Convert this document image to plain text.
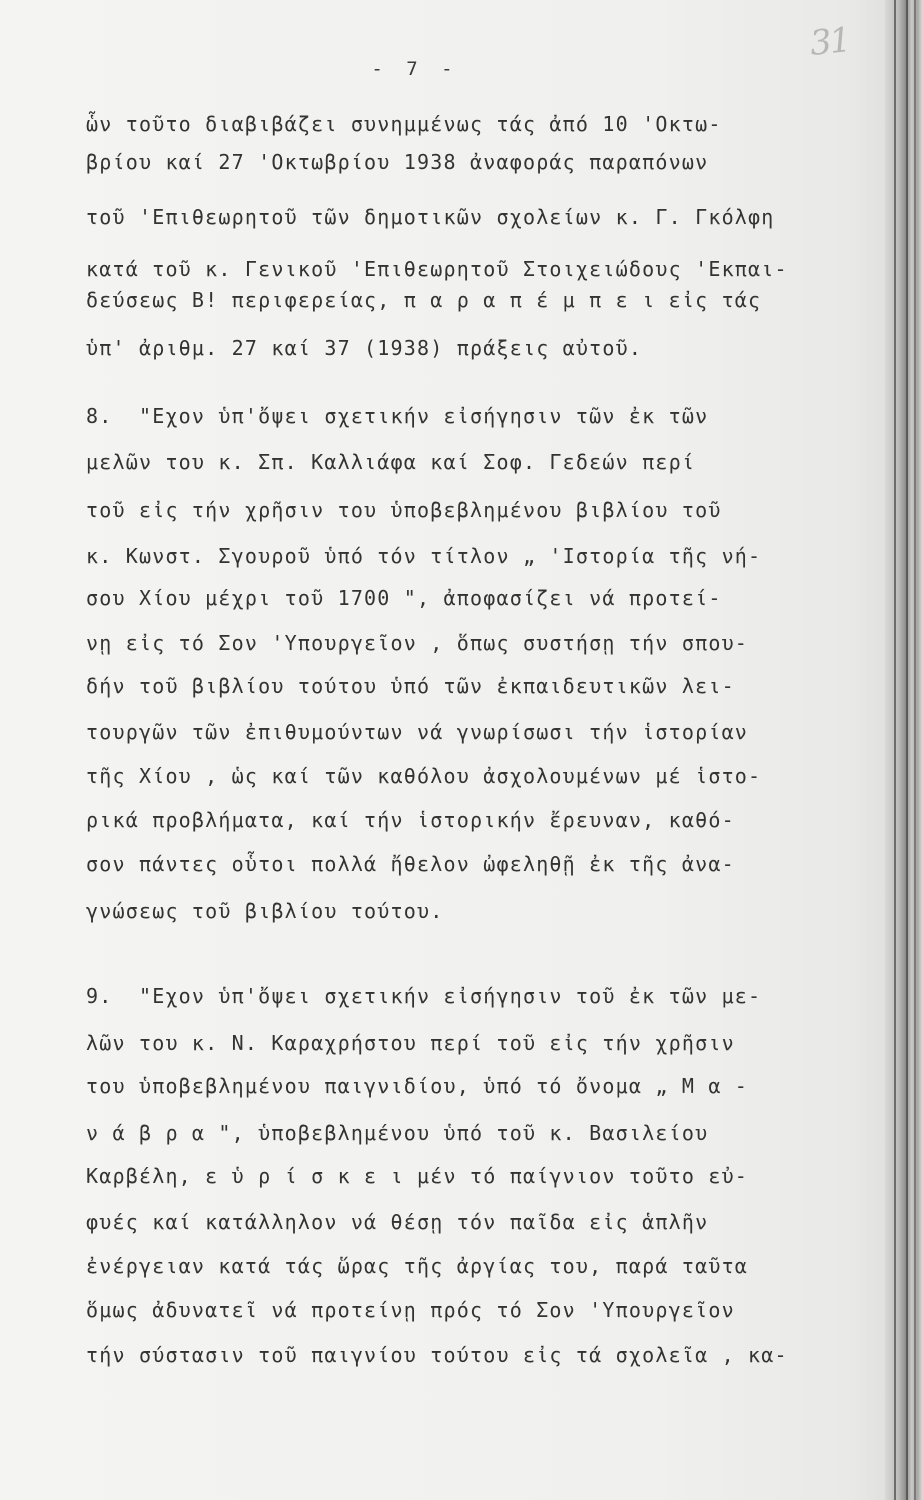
31
- 7 -
ὧν τοῦτο διαβιβάζει συνημμένως τάς ἀπό 10 'Οκτω-
βρίου καί 27 'Οκτωβρίου 1938 ἀναφοράς παραπόνων
τοῦ 'Επιθεωρητοῦ τῶν δημοτικῶν σχολείων κ. Γ. Γκόλφη
κατά τοῦ κ. Γενικοῦ 'Επιθεωρητοῦ Στοιχειώδους 'Εκπαι-
δεύσεως Β! περιφερείας, π α ρ α π έ μ π ε ι εἰς τάς
ὑπ' ἀριθμ. 27 καί 37 (1938) πράξεις αὐτοῦ.
8.  "Εχον ὑπ'ὄψει σχετικήν εἰσήγησιν τῶν ἐκ τῶν
μελῶν του κ. Σπ. Καλλιάφα καί Σοφ. Γεδεών περί
τοῦ εἰς τήν χρῆσιν του ὑποβεβλημένου βιβλίου τοῦ
κ. Κωνστ. Σγουροῦ ὑπό τόν τίτλον „ 'Ιστορία τῆς νή-
σου Χίου μέχρι τοῦ 1700 ", ἀποφασίζει νά προτεί-
νῃ εἰς τό Σον 'Υπουργεῖον , ὅπως συστήσῃ τήν σπου-
δήν τοῦ βιβλίου τούτου ὑπό τῶν ἐκπαιδευτικῶν λει-
τουργῶν τῶν ἐπιθυμούντων νά γνωρίσωσι τήν ἱστορίαν
τῆς Χίου , ὡς καί τῶν καθόλου ἀσχολουμένων μέ ἱστο-
ρικά προβλήματα, καί τήν ἱστορικήν ἔρευναν, καθό-
σον πάντες οὗτοι πολλά ἤθελον ὠφεληθῇ ἐκ τῆς ἀνα-
γνώσεως τοῦ βιβλίου τούτου.
9.  "Εχον ὑπ'ὄψει σχετικήν εἰσήγησιν τοῦ ἐκ τῶν με-
λῶν του κ. Ν. Καραχρήστου περί τοῦ εἰς τήν χρῆσιν
του ὑποβεβλημένου παιγνιδίου, ὑπό τό ὄνομα „ Μ α -
ν ά β ρ α ", ὑποβεβλημένου ὑπό τοῦ κ. Βασιλείου
Καρβέλη, ε ὑ ρ ί σ κ ε ι μέν τό παίγνιον τοῦτο εὐ-
φυές καί κατάλληλον νά θέσῃ τόν παῖδα εἰς ἁπλῆν
ἐνέργειαν κατά τάς ὥρας τῆς ἀργίας του, παρά ταῦτα
ὅμως ἀδυνατεῖ νά προτείνῃ πρός τό Σον 'Υπουργεῖον
τήν σύστασιν τοῦ παιγνίου τούτου εἰς τά σχολεῖα , κα-
